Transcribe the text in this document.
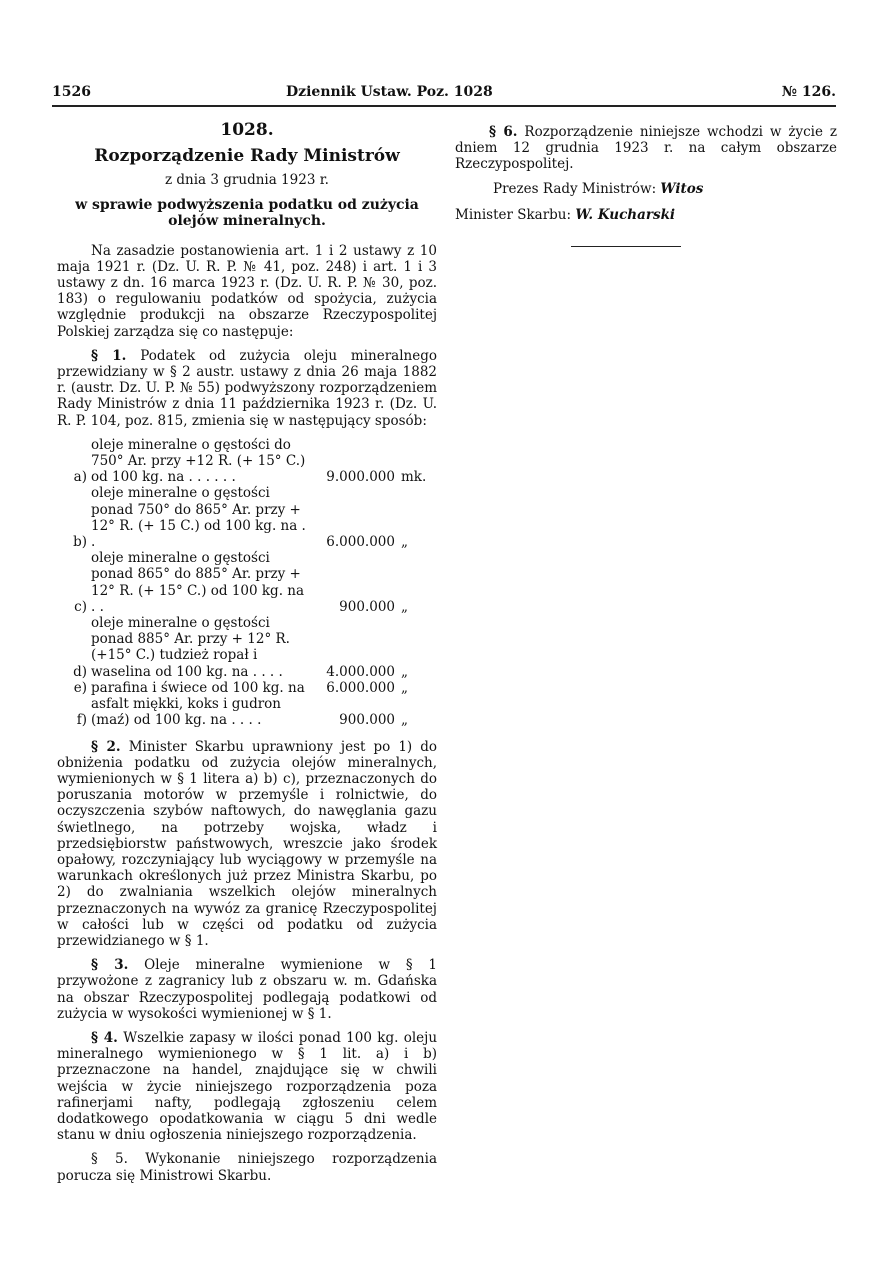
1526	Dziennik Ustaw. Poz. 1028	№ 126.
1028.
Rozporządzenie Rady Ministrów
z dnia 3 grudnia 1923 r.
w sprawie podwyższenia podatku od zużycia olejów mineralnych.

Na zasadzie postanowienia art. 1 i 2 ustawy z 10 maja 1921 r. (Dz. U. R. P. № 41, poz. 248) i art. 1 i 3 ustawy z dn. 16 marca 1923 r. (Dz. U. R. P. № 30, poz. 183) o regulowaniu podatków od spożycia, zużycia względnie produkcji na obszarze Rzeczypospolitej Polskiej zarządza się co następuje:

§ 1. Podatek od zużycia oleju mineralnego przewidziany w § 2 austr. ustawy z dnia 26 maja 1882 r. (austr. Dz. U. P. № 55) podwyższony rozporządzeniem Rady Ministrów z dnia 11 października 1923 r. (Dz. U. R. P. 104, poz. 815, zmienia się w następujący sposób:

a)
oleje mineralne o gęstości do 750° Ar. przy +12 R. (+ 15° C.) od 100 kg. na . . . . . .	9.000.000 mk.
b)
oleje mineralne o gęstości ponad 750° do 865° Ar. przy + 12° R. (+ 15 C.) od 100 kg. na . .	6.000.000 „
c)
oleje mineralne o gęstości ponad 865° do 885° Ar. przy + 12° R. (+ 15° C.) od 100 kg. na . .	900.000 „
d)
oleje mineralne o gęstości ponad 885° Ar. przy + 12° R. (+15° C.) tudzież ropał i waselina od 100 kg. na . . . .	4.000.000 „
e) parafina i świece od 100 kg. na	6.000.000 „
f)
asfalt miękki, koks i gudron (maź) od 100 kg. na . . . .	900.000 „

§ 2. Minister Skarbu uprawniony jest po 1) do obniżenia podatku od zużycia olejów mineralnych, wymienionych w § 1 litera a) b) c), przeznaczonych do poruszania motorów w przemyśle i rolnictwie, do oczyszczenia szybów naftowych, do nawęglania gazu świetlnego, na potrzeby wojska, władz i przedsiębiorstw państwowych, wreszcie jako środek opałowy, rozczyniający lub wyciągowy w przemyśle na warunkach określonych już przez Ministra Skarbu, po 2) do zwalniania wszelkich olejów mineralnych przeznaczonych na wywóz za granicę Rzeczypospolitej w całości lub w części od podatku od zużycia przewidzianego w § 1.

§ 3. Oleje mineralne wymienione w § 1 przywożone z zagranicy lub z obszaru w. m. Gdańska na obszar Rzeczypospolitej podlegają podatkowi od zużycia w wysokości wymienionej w § 1.

§ 4. Wszelkie zapasy w ilości ponad 100 kg. oleju mineralnego wymienionego w § 1 lit. a) i b) przeznaczone na handel, znajdujące się w chwili wejścia w życie niniejszego rozporządzenia poza rafinerjami nafty, podlegają zgłoszeniu celem dodatkowego opodatkowania w ciągu 5 dni wedle stanu w dniu ogłoszenia niniejszego rozporządzenia.

§ 5. Wykonanie niniejszego rozporządzenia porucza się Ministrowi Skarbu.

§ 6. Rozporządzenie niniejsze wchodzi w życie z dniem 12 grudnia 1923 r. na całym obszarze Rzeczypospolitej.

Prezes Rady Ministrów: Witos

Minister Skarbu: W. Kucharski
